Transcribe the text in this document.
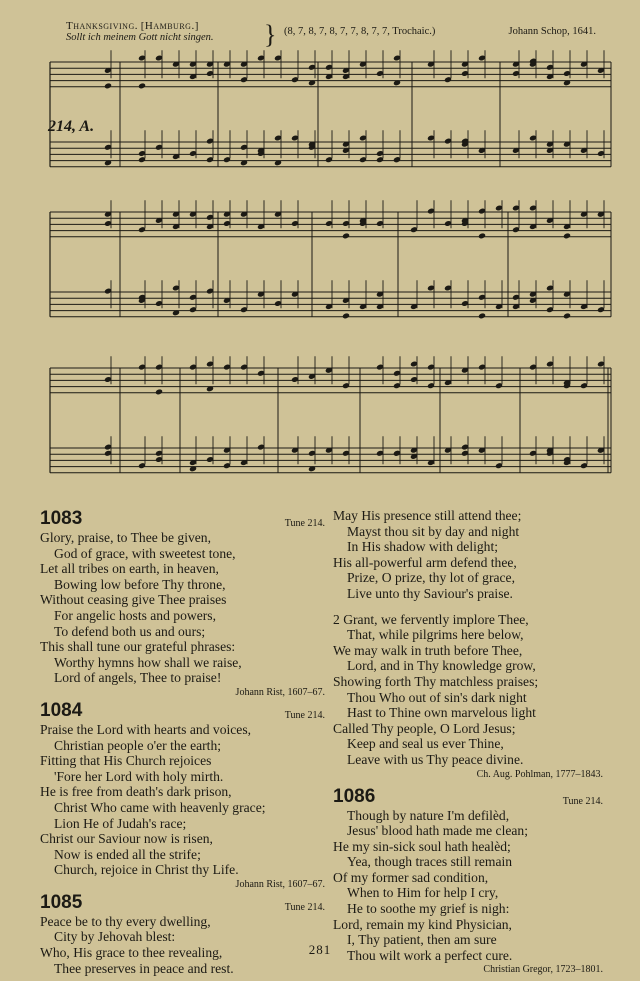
Thanksgiving. [Hamburg.]
Sollt ich meinem Gott nicht singen.	} (8, 7, 8, 7, 8, 7, 7, 8, 7, 7, Trochaic.)	Johann Schop, 1641.
214, A.
1083	Tune 214.
Glory, praise, to Thee be given,
God of grace, with sweetest tone,
Let all tribes on earth, in heaven,
Bowing low before Thy throne,
Without ceasing give Thee praises
For angelic hosts and powers,
To defend both us and ours;
This shall tune our grateful phrases:
Worthy hymns how shall we raise,
Lord of angels, Thee to praise!
Johann Rist, 1607–67.
1084	Tune 214.
Praise the Lord with hearts and voices,
Christian people o'er the earth;
Fitting that His Church rejoices
'Fore her Lord with holy mirth.
He is free from death's dark prison,
Christ Who came with heavenly grace;
Lion He of Judah's race;
Christ our Saviour now is risen,
Now is ended all the strife;
Church, rejoice in Christ thy Life.
Johann Rist, 1607–67.
1085	Tune 214.
Peace be to thy every dwelling,
City by Jehovah blest:
Who, His grace to thee revealing,
Thee preserves in peace and rest.
May His presence still attend thee;
Mayst thou sit by day and night
In His shadow with delight;
His all-powerful arm defend thee,
Prize, O prize, thy lot of grace,
Live unto thy Saviour's praise.
2 Grant, we fervently implore Thee,
That, while pilgrims here below,
We may walk in truth before Thee,
Lord, and in Thy knowledge grow,
Showing forth Thy matchless praises;
Thou Who out of sin's dark night
Hast to Thine own marvelous light
Called Thy people, O Lord Jesus;
Keep and seal us ever Thine,
Leave with us Thy peace divine.
Ch. Aug. Pohlman, 1777–1843.
1086	Tune 214.
Though by nature I'm defilèd,
Jesus' blood hath made me clean;
He my sin-sick soul hath healèd;
Yea, though traces still remain
Of my former sad condition,
When to Him for help I cry,
He to soothe my grief is nigh:
Lord, remain my kind Physician,
I, Thy patient, then am sure
Thou wilt work a perfect cure.
Christian Gregor, 1723–1801.
281
